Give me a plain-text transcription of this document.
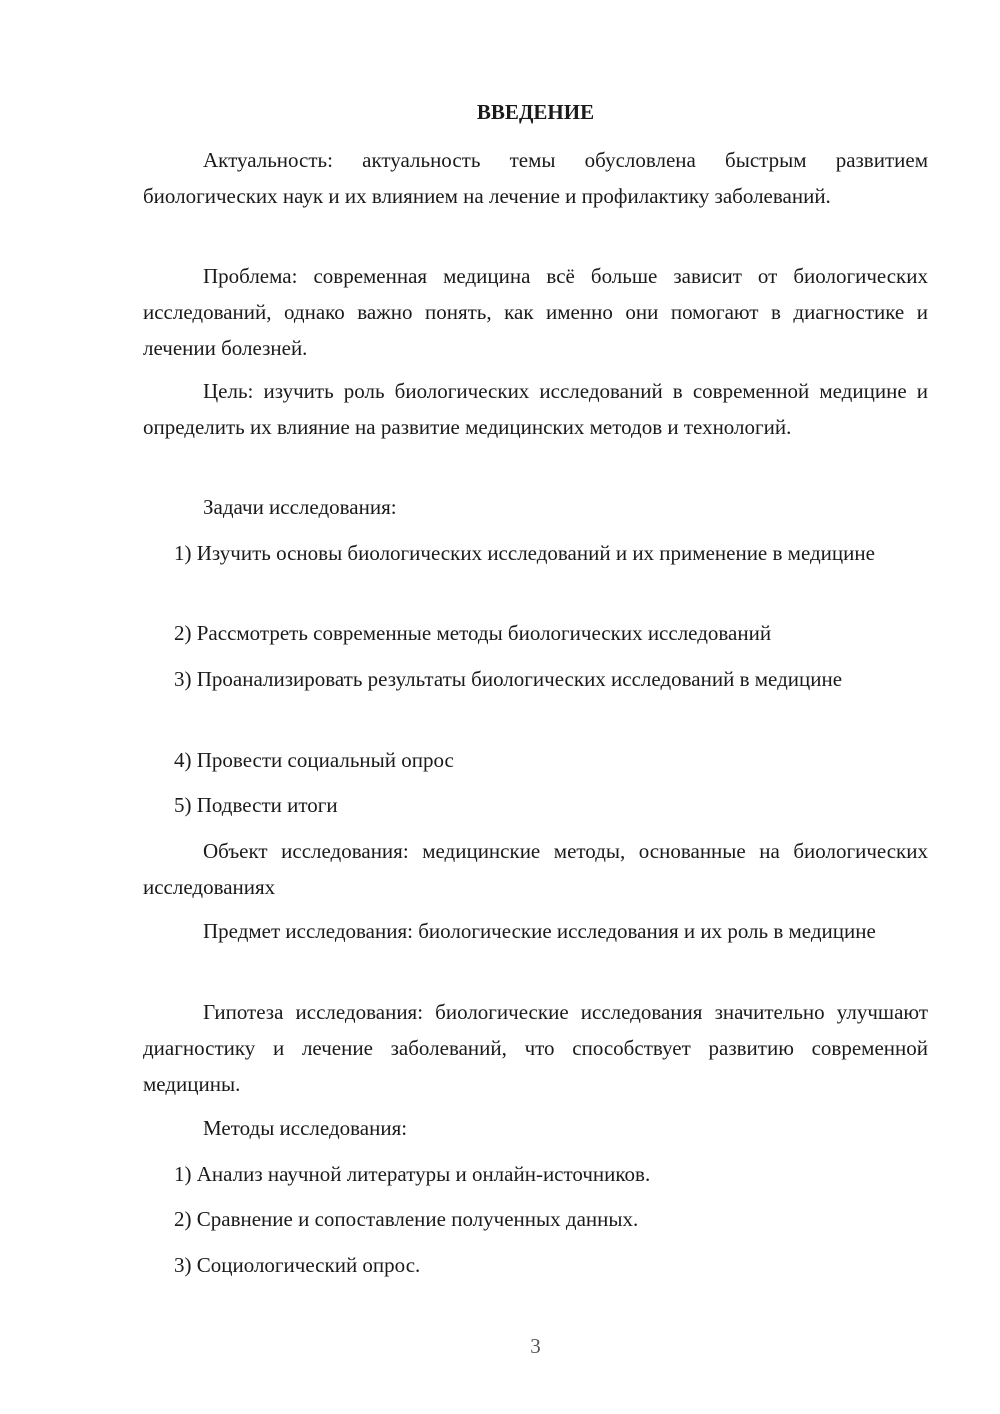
ВВЕДЕНИЕ

Актуальность: актуальность темы обусловлена быстрым развитием биологических наук и их влиянием на лечение и профилактику заболеваний.

Проблема: современная медицина всё больше зависит от биологических исследований, однако важно понять, как именно они помогают в диагностике и лечении болезней.

Цель: изучить роль биологических исследований в современной медицине и определить их влияние на развитие медицинских методов и технологий.

Задачи исследования:

1) Изучить основы биологических исследований и их применение в медицине

2) Рассмотреть современные методы биологических исследований

3) Проанализировать результаты биологических исследований в медицине

4) Провести социальный опрос

5) Подвести итоги

Объект исследования: медицинские методы, основанные на биологических исследованиях

Предмет исследования: биологические исследования и их роль в медицине

Гипотеза исследования: биологические исследования значительно улучшают диагностику и лечение заболеваний, что способствует развитию современной медицины.

Методы исследования:

1) Анализ научной литературы и онлайн-источников.

2) Сравнение и сопоставление полученных данных.

3) Социологический опрос.

3
